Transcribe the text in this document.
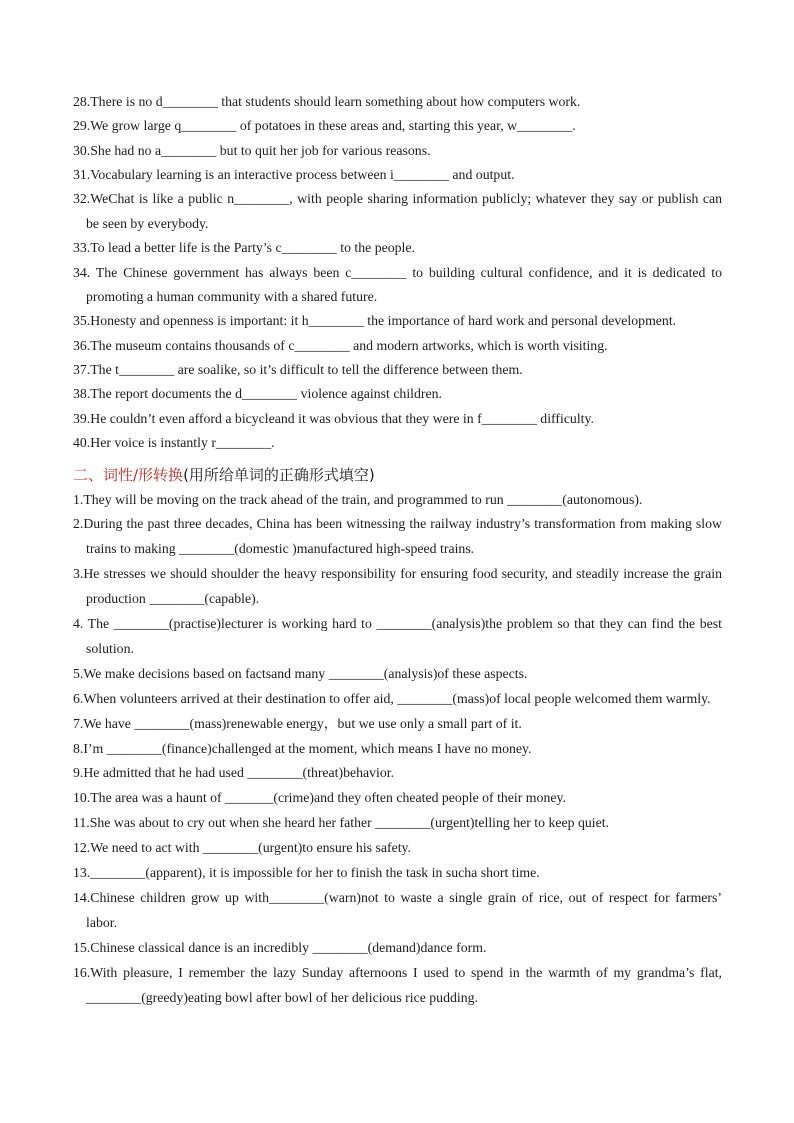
28.There is no d________ that students should learn something about how computers work.
29.We grow large q________ of potatoes in these areas and, starting this year, w________.
30.She had no a________ but to quit her job for various reasons.
31.Vocabulary learning is an interactive process between i________ and output.
32.WeChat is like a public n________, with people sharing information publicly; whatever they say or publish can
be seen by everybody.
33.To lead a better life is the Party’s c________ to the people.
34. The Chinese government has always been c________ to building cultural confidence, and it is dedicated to
promoting a human community with a shared future.
35.Honesty and openness is important: it h________ the importance of hard work and personal development.
36.The museum contains thousands of c________ and modern artworks, which is worth visiting.
37.The t________ are soalike, so it’s difficult to tell the difference between them.
38.The report documents the d________ violence against children.
39.He couldn’t even afford a bicycleand it was obvious that they were in f________ difficulty.
40.Her voice is instantly r________.
二、词性/形转换(用所给单词的正确形式填空)
1.They will be moving on the track ahead of the train, and programmed to run ________(autonomous).
2.During the past three decades, China has been witnessing the railway industry’s transformation from making slow
trains to making ________(domestic )manufactured high-speed trains.
3.He stresses we should shoulder the heavy responsibility for ensuring food security, and steadily increase the grain
production ________(capable).
4. The ________(practise)lecturer is working hard to ________(analysis)the problem so that they can find the best
solution.
5.We make decisions based on factsand many ________(analysis)of these aspects.
6.When volunteers arrived at their destination to offer aid, ________(mass)of local people welcomed them warmly.
7.We have ________(mass)renewable energy，but we use only a small part of it.
8.I’m ________(finance)challenged at the moment, which means I have no money.
9.He admitted that he had used ________(threat)behavior.
10.The area was a haunt of _______(crime)and they often cheated people of their money.
11.She was about to cry out when she heard her father ________(urgent)telling her to keep quiet.
12.We need to act with ________(urgent)to ensure his safety.
13.________(apparent), it is impossible for her to finish the task in sucha short time.
14.Chinese children grow up with________(warn)not to waste a single grain of rice, out of respect for farmers’
labor.
15.Chinese classical dance is an incredibly ________(demand)dance form.
16.With pleasure, I remember the lazy Sunday afternoons I used to spend in the warmth of my grandma’s flat,
________(greedy)eating bowl after bowl of her delicious rice pudding.
